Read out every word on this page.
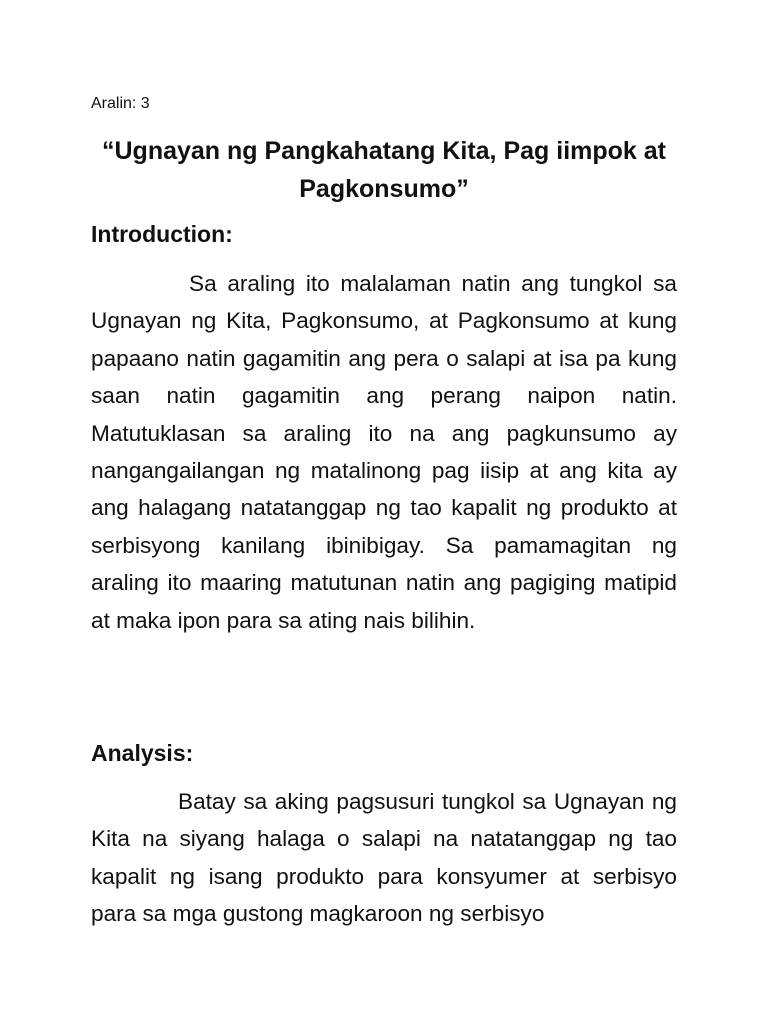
Aralin: 3

“Ugnayan ng Pangkahatang Kita, Pag iimpok at Pagkonsumo”
Introduction:

Sa araling ito malalaman natin ang tungkol sa Ugnayan ng Kita, Pagkonsumo, at Pagkonsumo at kung papaano natin gagamitin ang pera o salapi at isa pa kung saan natin gagamitin ang perang naipon natin. Matutuklasan sa araling ito na ang pagkunsumo ay nangangailangan ng matalinong pag iisip at ang kita ay ang halagang natatanggap ng tao kapalit ng produkto at serbisyong kanilang ibinibigay. Sa pamamagitan ng araling ito maaring matutunan natin ang pagiging matipid at maka ipon para sa ating nais bilihin.

Analysis:

Batay sa aking pagsusuri tungkol sa Ugnayan ng Kita na siyang halaga o salapi na natatanggap ng tao kapalit ng isang produkto para konsyumer at serbisyo para sa mga gustong magkaroon ng serbisyo
